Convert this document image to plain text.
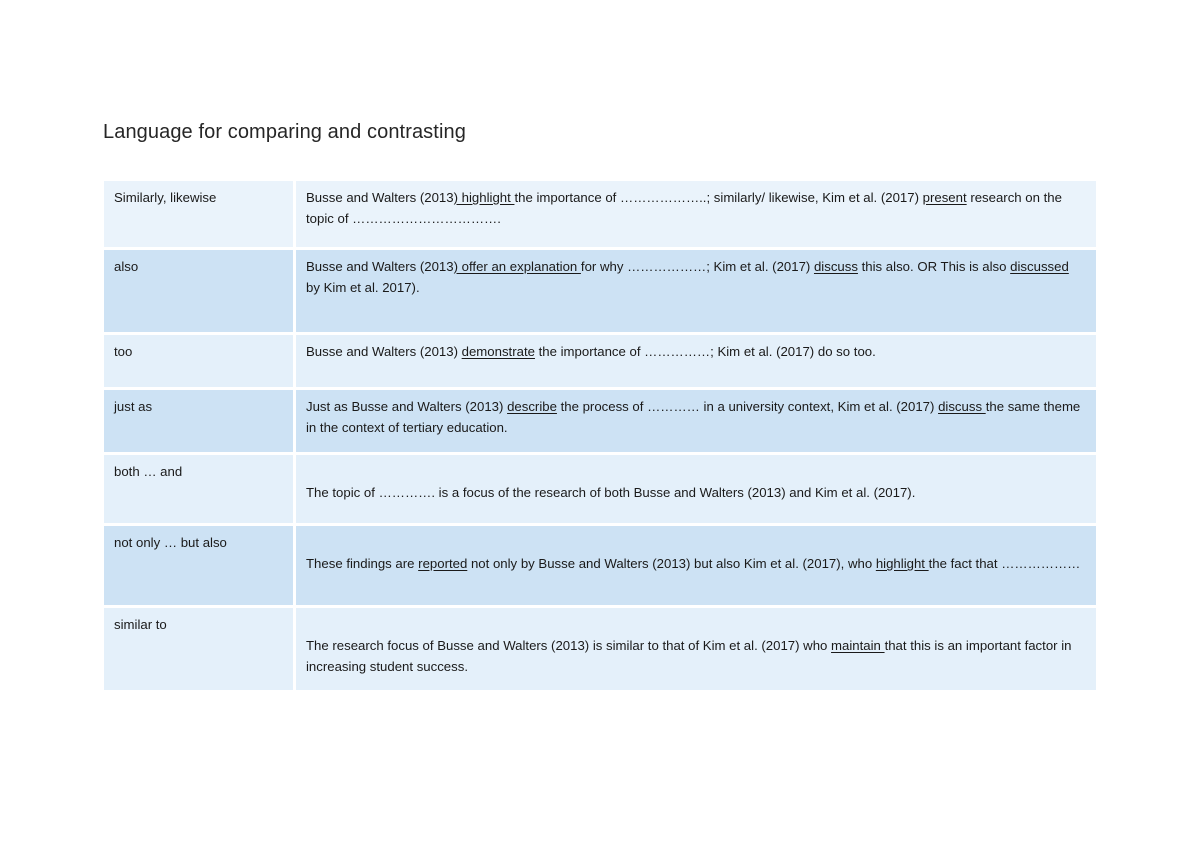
Language for comparing and contrasting
Similarly, likewise	Busse and Walters (2013) highlight the importance of ………………..; similarly/ likewise, Kim et al. (2017) present research on the topic of …………………………….
also	Busse and Walters (2013) offer an explanation for why ………………; Kim et al. (2017) discuss this also. OR This is also discussed by Kim et al. 2017).
too	Busse and Walters (2013) demonstrate the importance of ……………; Kim et al. (2017) do so too.
just as	Just as Busse and Walters (2013) describe the process of ………… in a university context, Kim et al. (2017) discuss the same theme in the context of tertiary education.
both … and	The topic of …………. is a focus of the research of both Busse and Walters (2013) and Kim et al. (2017).

not only … but also	These findings are reported not only by Busse and Walters (2013) but also Kim et al. (2017), who highlight the fact that ………………

similar to	The research focus of Busse and Walters (2013) is similar to that of Kim et al. (2017) who maintain that this is an important factor in increasing student success.
